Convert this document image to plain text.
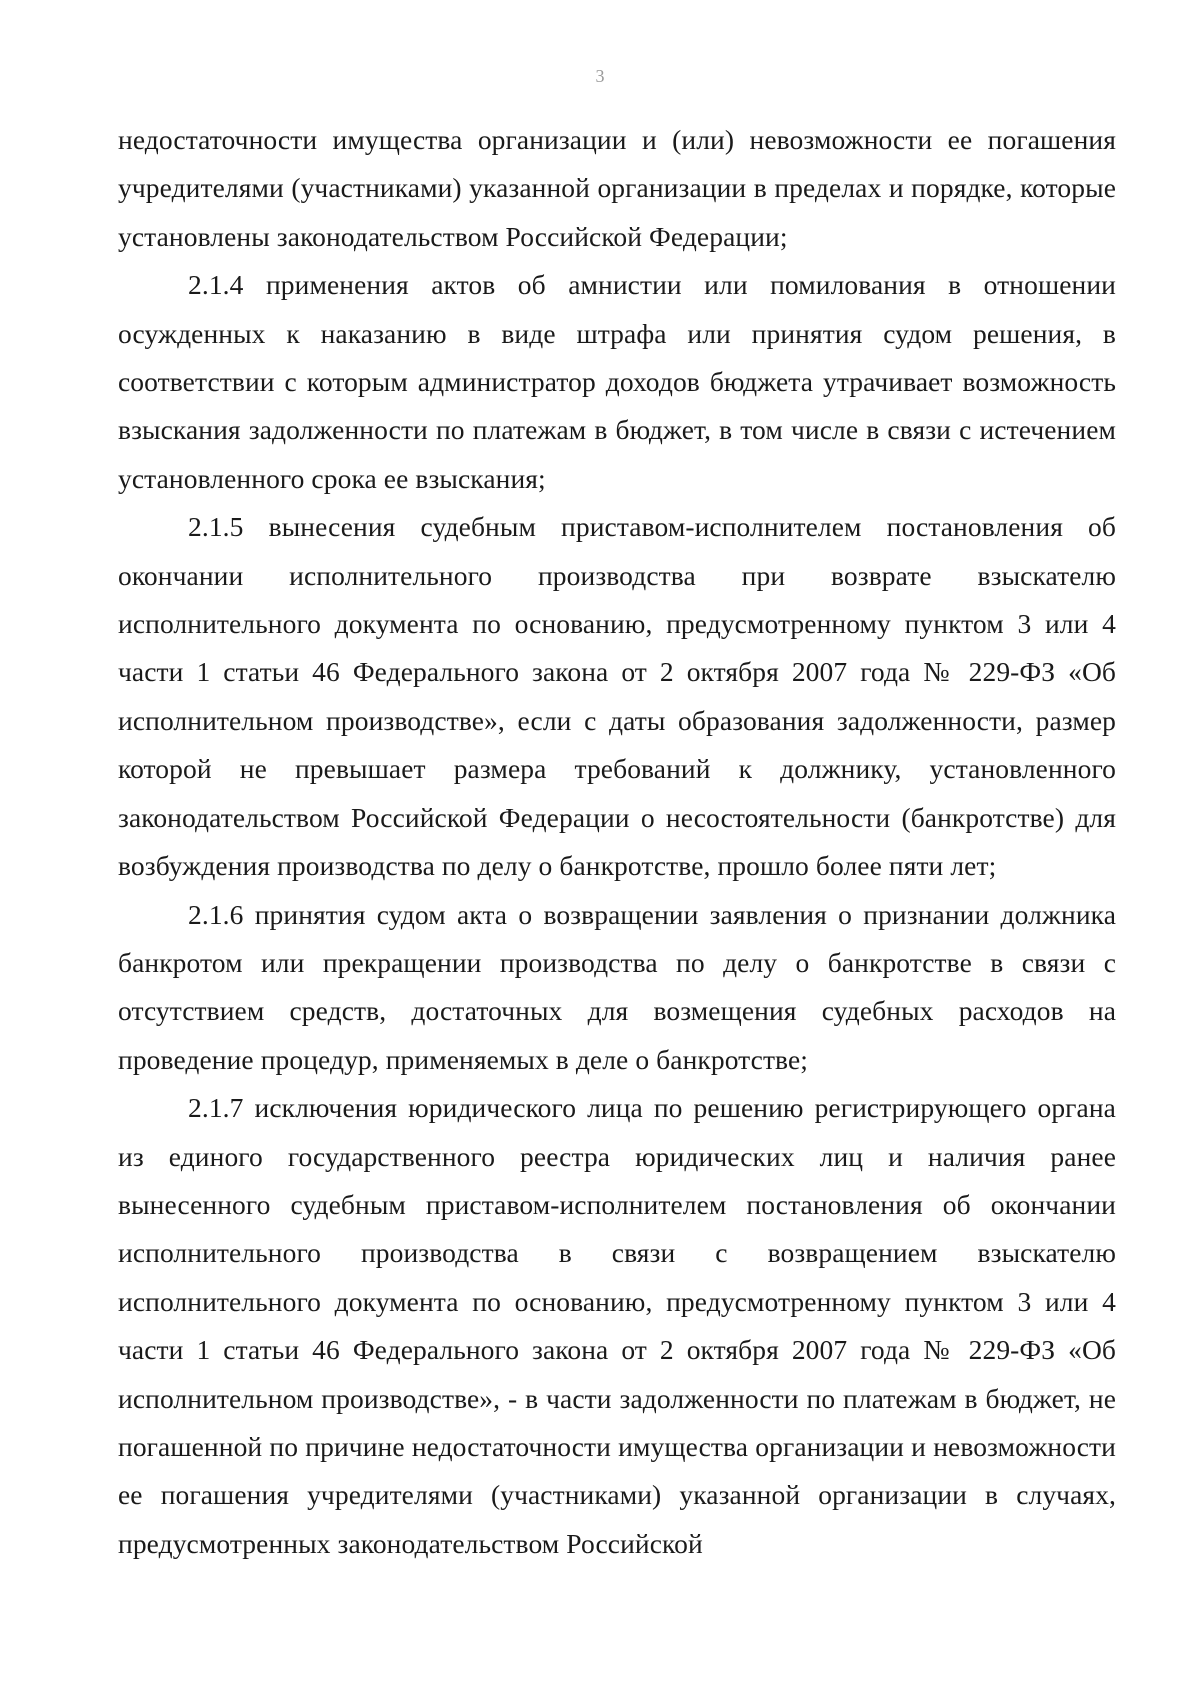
3

недостаточности имущества организации и (или) невозможности ее погашения учредителями (участниками) указанной организации в пределах и порядке, которые установлены законодательством Российской Федерации;

2.1.4 применения актов об амнистии или помилования в отношении осужденных к наказанию в виде штрафа или принятия судом решения, в соответствии с которым администратор доходов бюджета утрачивает возможность взыскания задолженности по платежам в бюджет, в том числе в связи с истечением установленного срока ее взыскания;

2.1.5 вынесения судебным приставом-исполнителем постановления об окончании исполнительного производства при возврате взыскателю исполнительного документа по основанию, предусмотренному пунктом 3 или 4 части 1 статьи 46 Федерального закона от 2 октября 2007 года № 229-ФЗ «Об исполнительном производстве», если с даты образования задолженности, размер которой не превышает размера требований к должнику, установленного законодательством Российской Федерации о несостоятельности (банкротстве) для возбуждения производства по делу о банкротстве, прошло более пяти лет;

2.1.6 принятия судом акта о возвращении заявления о признании должника банкротом или прекращении производства по делу о банкротстве в связи с отсутствием средств, достаточных для возмещения судебных расходов на проведение процедур, применяемых в деле о банкротстве;

2.1.7 исключения юридического лица по решению регистрирующего органа из единого государственного реестра юридических лиц и наличия ранее вынесенного судебным приставом-исполнителем постановления об окончании исполнительного производства в связи с возвращением взыскателю исполнительного документа по основанию, предусмотренному пунктом 3 или 4 части 1 статьи 46 Федерального закона от 2 октября 2007 года № 229-ФЗ «Об исполнительном производстве», - в части задолженности по платежам в бюджет, не погашенной по причине недостаточности имущества организации и невозможности ее погашения учредителями (участниками) указанной организации в случаях, предусмотренных законодательством Российской
